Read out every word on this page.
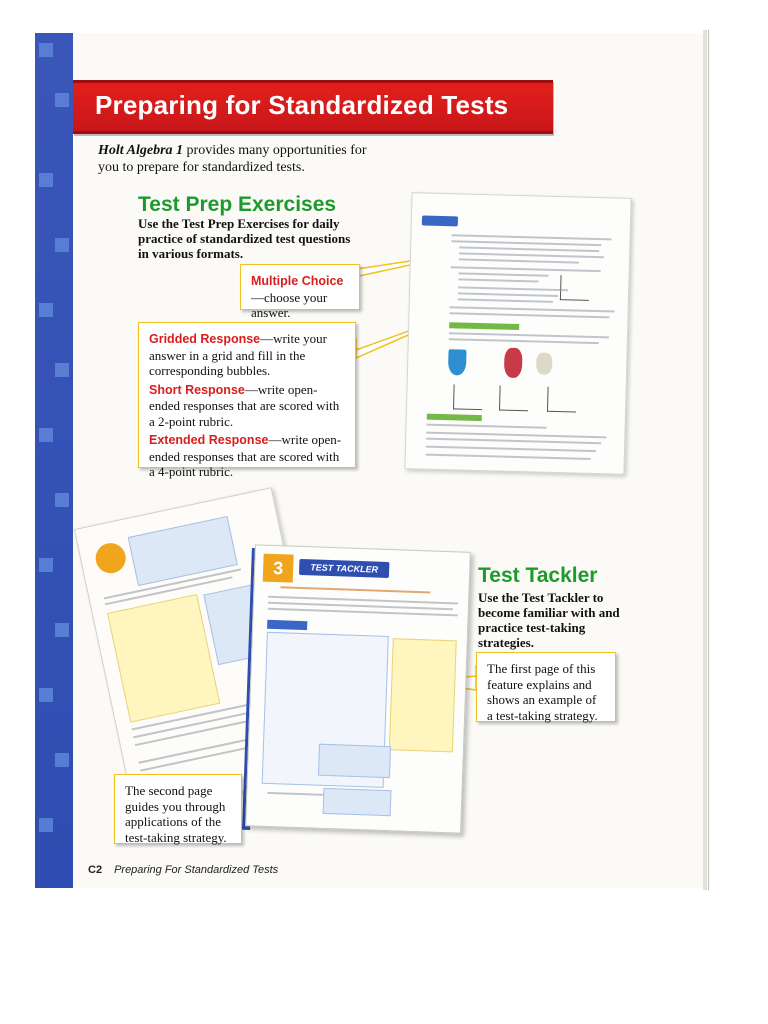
Preparing for Standardized Tests
Holt Algebra 1 provides many opportunities for you to prepare for standardized tests.
Test Prep Exercises
Use the Test Prep Exercises for daily practice of standardized test questions in various formats.
Multiple Choice—choose your answer.

Gridded Response—write your answer in a grid and fill in the corresponding bubbles.

Short Response—write open-ended responses that are scored with a 2-point rubric.

Extended Response—write open-ended responses that are scored with a 4-point rubric.

3	TEST TACKLER	Test Tackler
Use the Test Tackler to become familiar with and practice test-taking strategies.
The first page of this feature explains and shows an example of a test-taking strategy.
The second page guides you through applications of the test-taking strategy.
C2 Preparing For Standardized Tests
